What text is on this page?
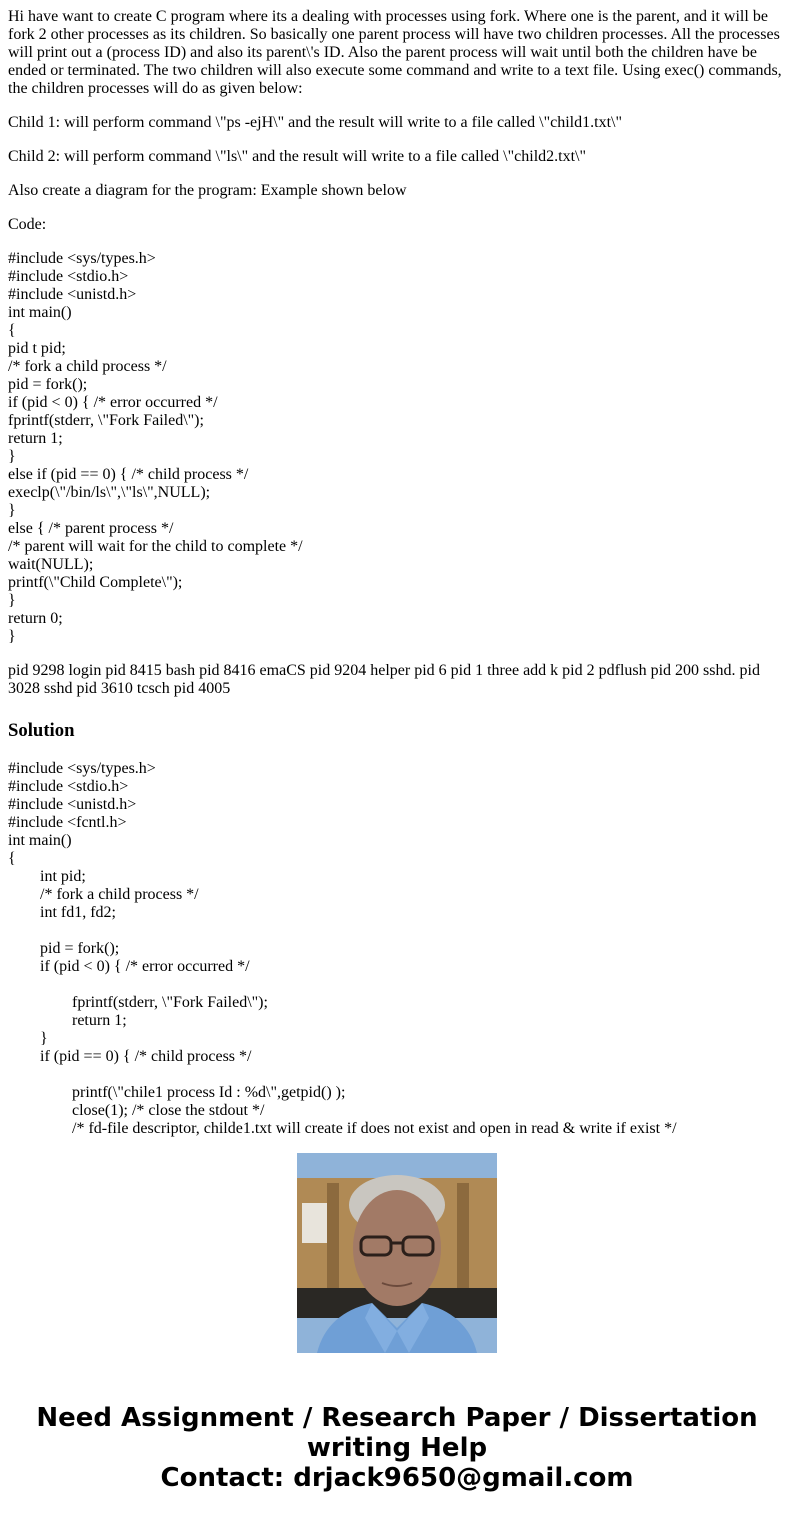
Hi have want to create C program where its a dealing with processes using fork. Where one is the parent, and it will be fork 2 other processes as its children. So basically one parent process will have two children processes. All the processes will print out a (process ID) and also its parent\'s ID. Also the parent process will wait until both the children have be ended or terminated. The two children will also execute some command and write to a text file. Using exec() commands, the children processes will do as given below:

Child 1: will perform command \"ps -ejH\" and the result will write to a file called \"child1.txt\"

Child 2: will perform command \"ls\" and the result will write to a file called \"child2.txt\"

Also create a diagram for the program: Example shown below

Code:

#include <sys/types.h>
#include <stdio.h>
#include <unistd.h>
int main()
{
pid t pid;
/* fork a child process */
pid = fork();
if (pid < 0) { /* error occurred */
fprintf(stderr, \"Fork Failed\");
return 1;
}
else if (pid == 0) { /* child process */
execlp(\"/bin/ls\",\"ls\",NULL);
}
else { /* parent process */
/* parent will wait for the child to complete */
wait(NULL);
printf(\"Child Complete\");
}
return 0;
}

pid 9298 login pid 8415 bash pid 8416 emaCS pid 9204 helper pid 6 pid 1 three add k pid 2 pdflush pid 200 sshd. pid 3028 sshd pid 3610 tcsch pid 4005

Solution
#include <sys/types.h>
#include <stdio.h>
#include <unistd.h>
#include <fcntl.h>
int main()
{
int pid;
/* fork a child process */
int fd1, fd2;
pid = fork();
if (pid < 0) { /* error occurred */
fprintf(stderr, \"Fork Failed\");
return 1;
}
if (pid == 0) { /* child process */
printf(\"chile1 process Id : %d\",getpid() );
close(1); /* close the stdout */
/* fd-file descriptor, childe1.txt will create if does not exist and open in read & write if exist */
Need Assignment / Research Paper / Dissertation
writing Help
Contact: drjack9650@gmail.com
